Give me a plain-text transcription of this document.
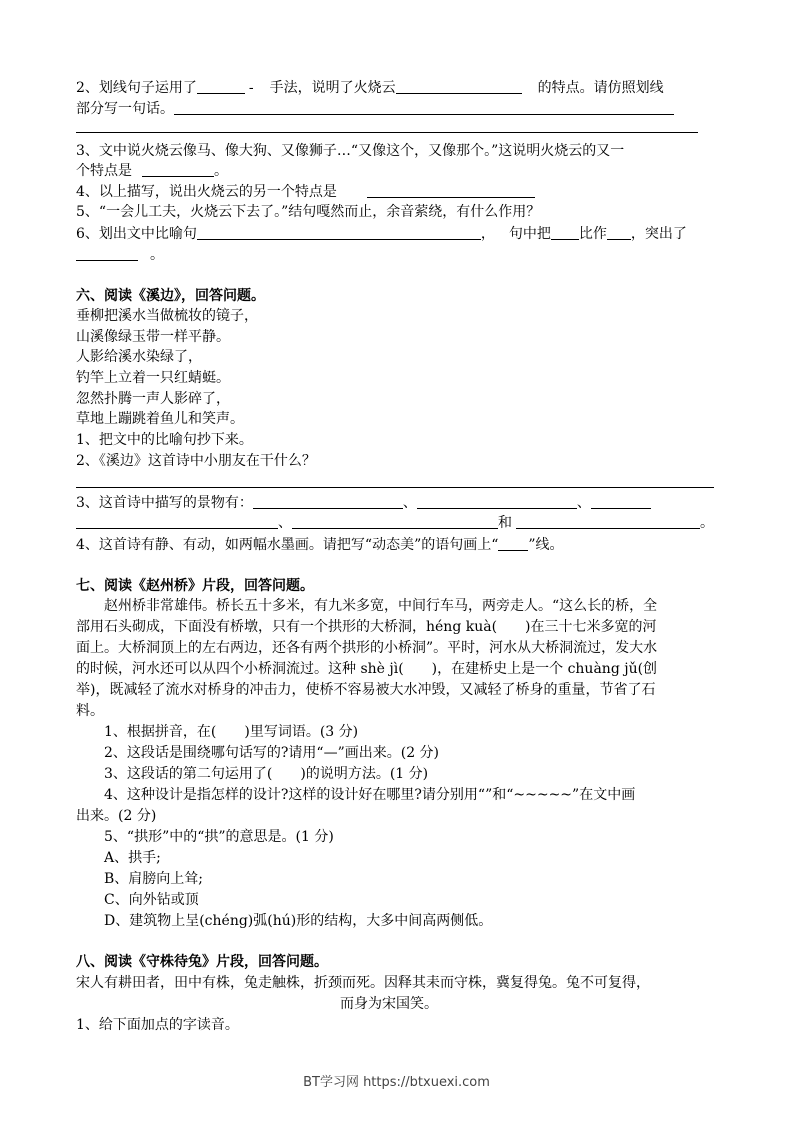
2、划线句子运用了	- 手法，说明了火烧云	的特点。请仿照划线
部分写一句话。
3、文中说火烧云像马、像大狗、又像狮子…“又像这个，又像那个。”这说明火烧云的又一
个特点是	。
4、以上描写，说出火烧云的另一个特点是
5、“一会儿工夫，火烧云下去了。”结句嘎然而止，余音萦绕，有什么作用？
6、划出文中比喻句	， 句中把 比作 ，突出了
。
六、阅读《溪边》，回答问题。
垂柳把溪水当做梳妆的镜子，
山溪像绿玉带一样平静。
人影给溪水染绿了，
钓竿上立着一只红蜻蜓。
忽然扑腾一声人影碎了，
草地上蹦跳着鱼儿和笑声。
1、把文中的比喻句抄下来。
2、《溪边》这首诗中小朋友在干什么？
3、这首诗中描写的景物有：	、	、
、	和	。
4、这首诗有静、有动，如两幅水墨画。请把写“动态美”的语句画上“ ”线。
七、阅读《赵州桥》片段，回答问题。
赵州桥非常雄伟。桥长五十多米，有九米多宽，中间行车马，两旁走人。“这么长的桥，全
部用石头砌成，下面没有桥墩，只有一个拱形的大桥洞，héng kuà(　　)在三十七米多宽的河
面上。大桥洞顶上的左右两边，还各有两个拱形的小桥洞”。平时，河水从大桥洞流过，发大水
的时候，河水还可以从四个小桥洞流过。这种 shè jì(　　)，在建桥史上是一个 chuàng jǔ(创
举)，既减轻了流水对桥身的冲击力，使桥不容易被大水冲毁，又减轻了桥身的重量，节省了石
料。
1、根据拼音，在(　　)里写词语。(3 分)
2、这段话是围绕哪句话写的?请用“—”画出来。(2 分)
3、这段话的第二句运用了(　　)的说明方法。(1 分)
4、这种设计是指怎样的设计?这样的设计好在哪里?请分别用“”和“~~~~~”在文中画
出来。(2 分)
5、“拱形”中的“拱”的意思是。(1 分)
A、拱手;
B、肩膀向上耸;
C、向外钻或顶
D、建筑物上呈(chéng)弧(hú)形的结构，大多中间高两侧低。
八、阅读《守株待兔》片段，回答问题。
宋人有耕田者，田中有株，兔走触株，折颈而死。因释其耒而守株，冀复得兔。兔不可复得，
而身为宋国笑。
1、给下面加点的字读音。
BT学习网 https://btxuexi.com
